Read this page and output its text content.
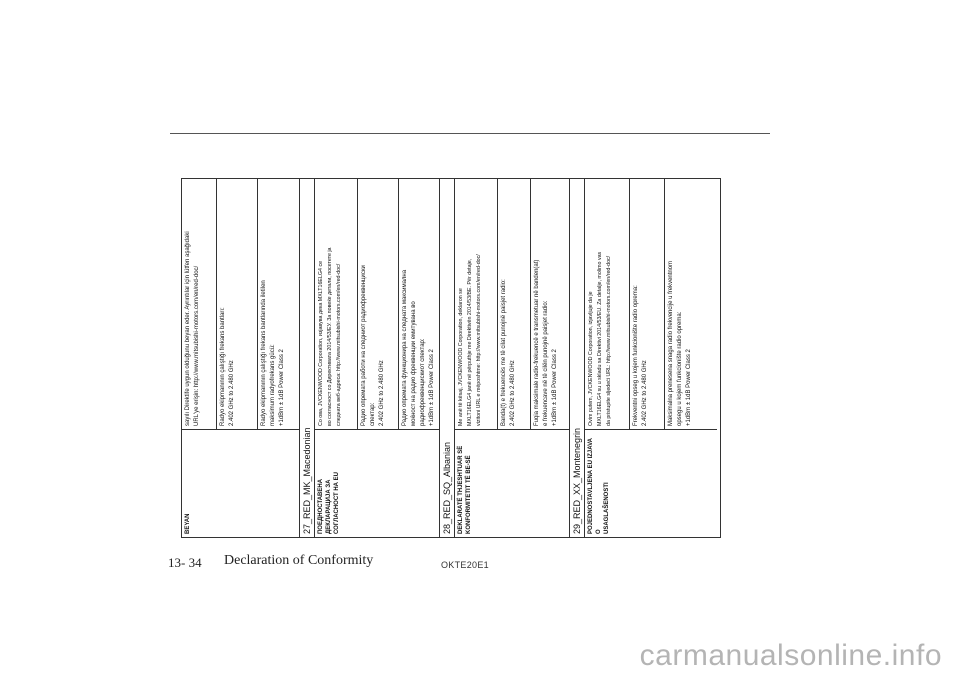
BEYAN
sayılı Direktife uygun olduğunu beyan eder. Ayrıntılar için lütfen aşağıdaki URL'ye erişin: http://www.mitsubishi-motors.com/en/red-doc/	Radyo ekipmanının çalıştığı frekans bantları: 2.402 GHz to 2.480 GHz	Radyo ekipmanının çalıştığı frekans bantlarında iletilen maksimum radyofrekans gücü: +1dBm ± 1dB Power Class 2
27_RED_MK_Macedonian	ПОЕДНОСТАВЕНА ДЕКЛАРАЦИЈА ЗА СОГЛАСНОСТ НА EU
Со ова, JVCKENWOOD Corporation, изјавува дека MXLT16ELG4 се во согласност со Директивата 2014/53/EУ. За повеќе детали, посетете ја следната веб-адреса: http://www.mitsubishi-motors.com/en/red-doc/	Радио опремата работи на следниот радиофреквенциски спектар: 2.402 GHz to 2.480 GHz	Радио опремата функционира на следната максимална моќност на радио фреквенции емитувана во радиофреквенцискиот спектар: +1dBm ± 1dB Power Class 2
28_RED_SQ_Albanian	DEKLARATË THJESHTUAR SË KONFORMITETIT TË BE-SË
Me anë të kësaj, JVCKENWOOD Corporation, deklaron se MXLT16ELG4 janë në përputhje me Direktivën 2014/53/BE. Për detaje, vizitoni URL e mëposhtme: http://www.mitsubishi-motors.com/en/red-doc/	Banda(t) e frekuencës me të cilat punojnë paisjet radio: 2.402 GHz to 2.480 GHz	Fuqia maksimale radio-frekuencë e transmetuar në banden(at) e frekuencave në të cilën punojnë paisjet radio: +1dBm ± 1dB Power Class 2
29_RED_XX_Montenegrin	POJEDNOSTAVLJENA EU IZJAVA O USAGLAŠENOSTI
Ovim putem, JVCKENWOOD Corporation, izjavljuje da je MXLT16ELG4 su u skladu sa Direktivi 2014/53/EU. Za detalje, molimo vas da pristupite sljedeći URL: http://www.mitsubishi-motors.com/en/red-doc/	Frekventni opseg u kojem funkcionište radio oprema: 2.402 GHz to 2.480 GHz	Maksimalna prenesena snaga radio frekvencije u frekventnom opsegu u kojem funkcionište radio oprema: +1dBm ± 1dB Power Class 2
13- 34 Declaration of Conformity	OKTE20E1
carmanualsonline.info
